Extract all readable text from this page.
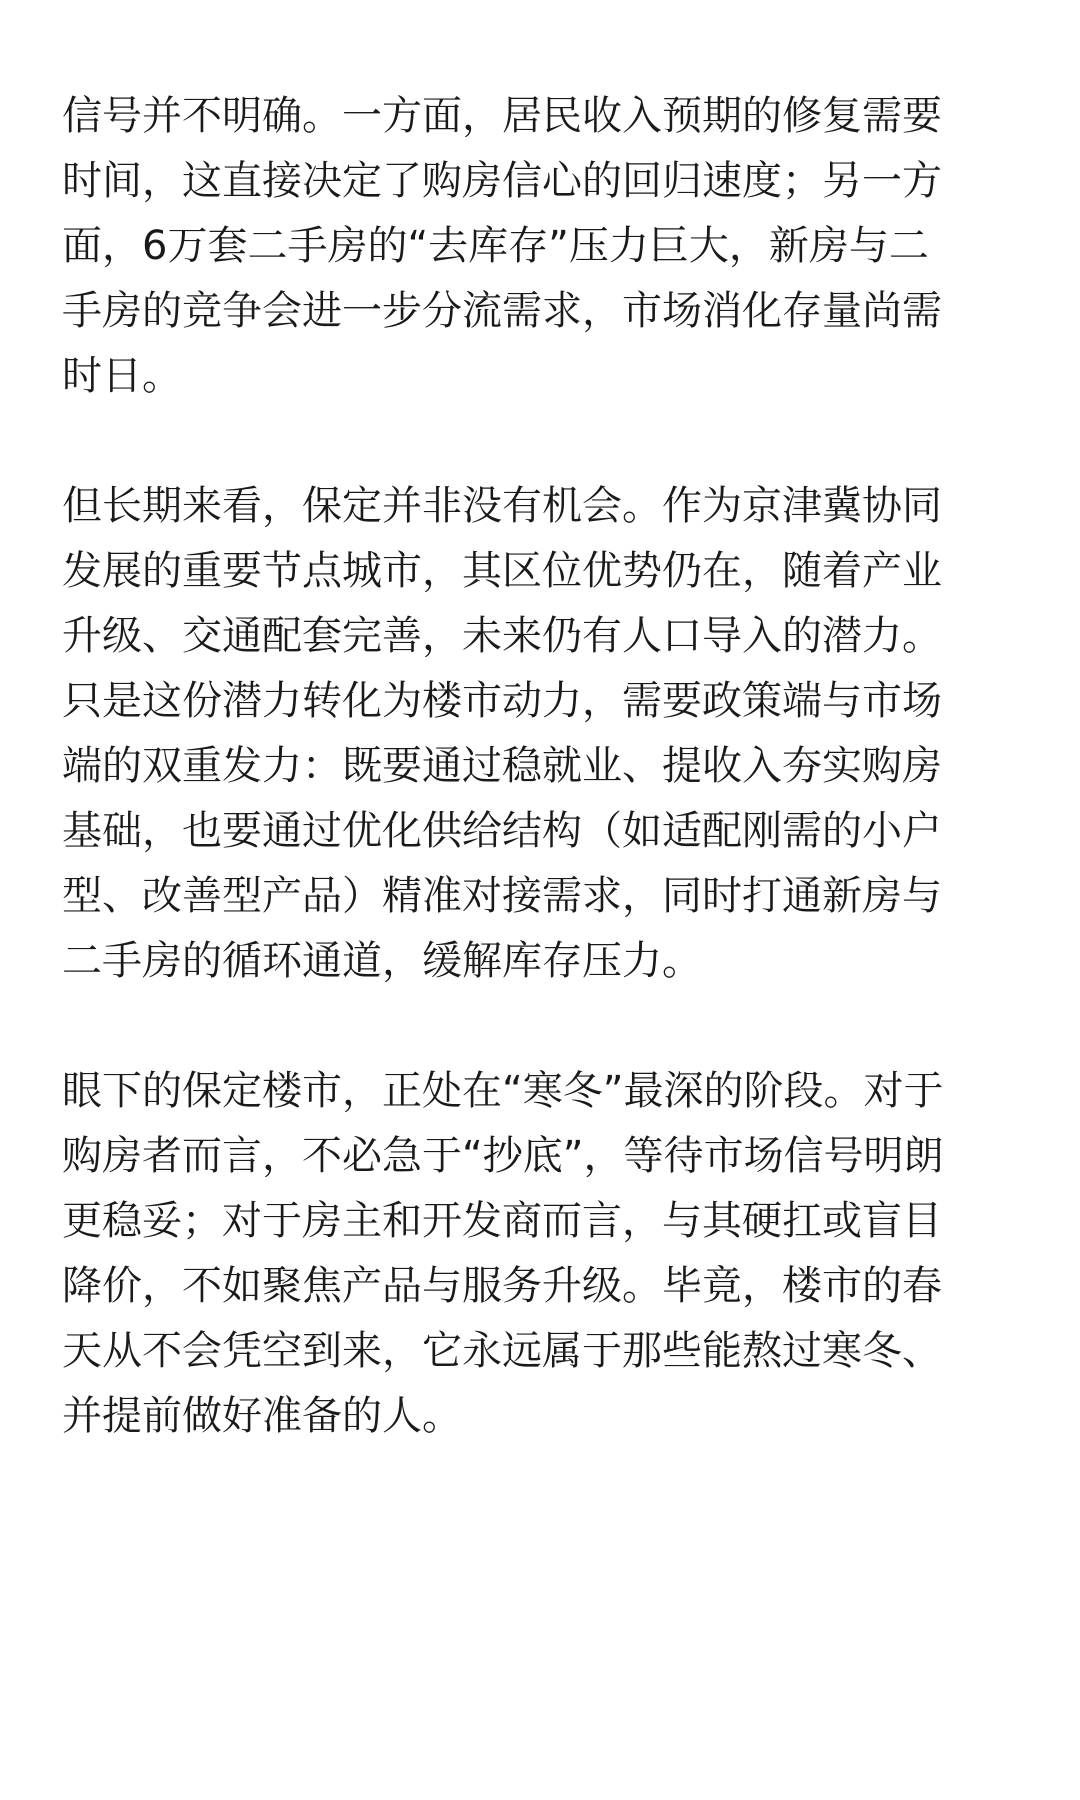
信号并不明确。一方面，居民收入预期的修复需要
时间，这直接决定了购房信心的回归速度；另一方
面，6万套二手房的“去库存”压力巨大，新房与二
手房的竞争会进一步分流需求，市场消化存量尚需
时日。

但长期来看，保定并非没有机会。作为京津冀协同
发展的重要节点城市，其区位优势仍在，随着产业
升级、交通配套完善，未来仍有人口导入的潜力。
只是这份潜力转化为楼市动力，需要政策端与市场
端的双重发力：既要通过稳就业、提收入夯实购房
基础，也要通过优化供给结构（如适配刚需的小户
型、改善型产品）精准对接需求，同时打通新房与
二手房的循环通道，缓解库存压力。

眼下的保定楼市，正处在“寒冬”最深的阶段。对于
购房者而言，不必急于“抄底”，等待市场信号明朗
更稳妥；对于房主和开发商而言，与其硬扛或盲目
降价，不如聚焦产品与服务升级。毕竟，楼市的春
天从不会凭空到来，它永远属于那些能熬过寒冬、
并提前做好准备的人。
